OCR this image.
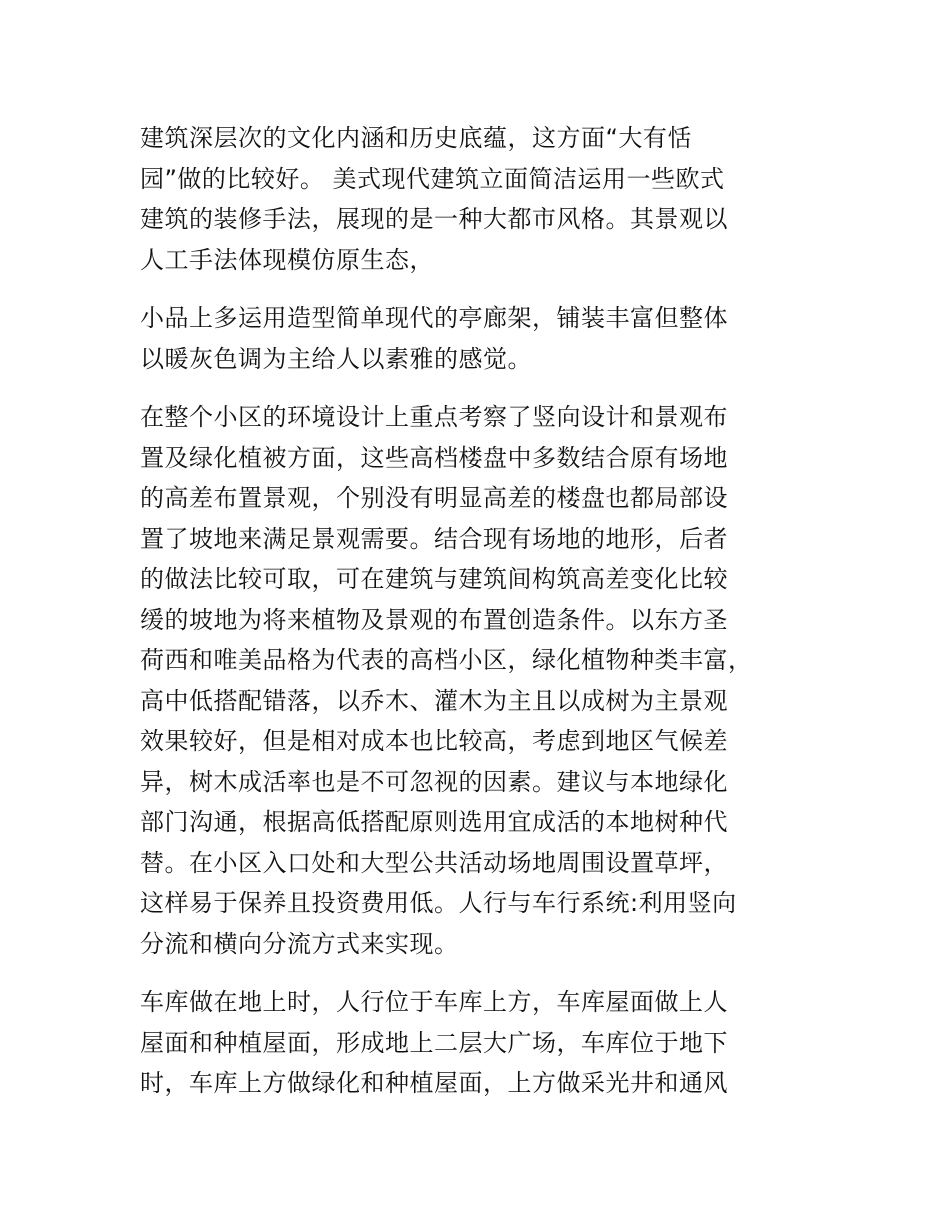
建筑深层次的文化内涵和历史底蕴，这方面“大有恬
园”做的比较好。 美式现代建筑立面简洁运用一些欧式
建筑的装修手法，展现的是一种大都市风格。其景观以
人工手法体现模仿原生态，

小品上多运用造型简单现代的亭廊架，铺装丰富但整体
以暖灰色调为主给人以素雅的感觉。

在整个小区的环境设计上重点考察了竖向设计和景观布
置及绿化植被方面，这些高档楼盘中多数结合原有场地
的高差布置景观，个别没有明显高差的楼盘也都局部设
置了坡地来满足景观需要。结合现有场地的地形，后者
的做法比较可取，可在建筑与建筑间构筑高差变化比较
缓的坡地为将来植物及景观的布置创造条件。以东方圣
荷西和唯美品格为代表的高档小区，绿化植物种类丰富，
高中低搭配错落，以乔木、灌木为主且以成树为主景观
效果较好，但是相对成本也比较高，考虑到地区气候差
异，树木成活率也是不可忽视的因素。建议与本地绿化
部门沟通，根据高低搭配原则选用宜成活的本地树种代
替。在小区入口处和大型公共活动场地周围设置草坪，
这样易于保养且投资费用低。人行与车行系统:利用竖向
分流和横向分流方式来实现。

车库做在地上时，人行位于车库上方，车库屋面做上人
屋面和种植屋面，形成地上二层大广场，车库位于地下
时，车库上方做绿化和种植屋面，上方做采光井和通风
